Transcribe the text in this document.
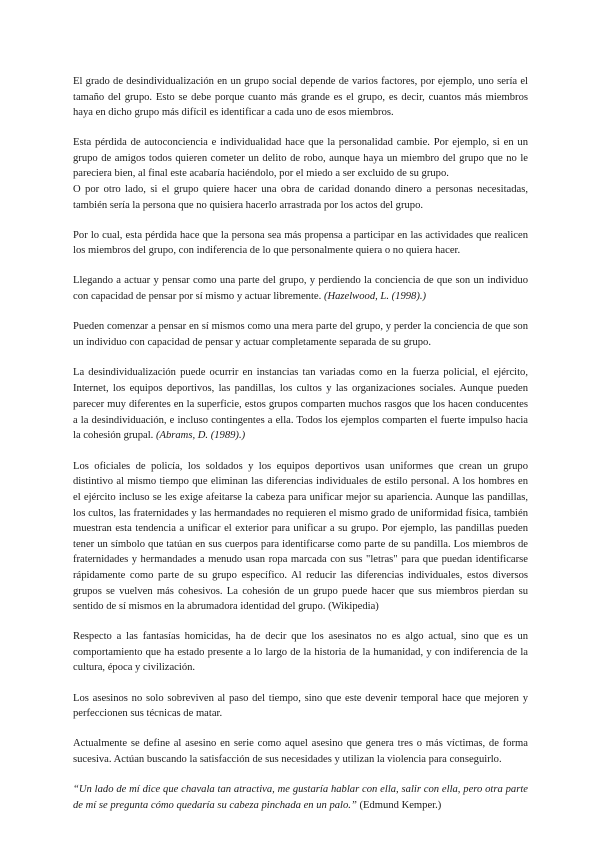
El grado de desindividualización en un grupo social depende de varios factores, por ejemplo, uno sería el tamaño del grupo. Esto se debe porque cuanto más grande es el grupo, es decir, cuantos más miembros haya en dicho grupo más difícil es identificar a cada uno de esos miembros.

Esta pérdida de autoconciencia e individualidad hace que la personalidad cambie. Por ejemplo, si en un grupo de amigos todos quieren cometer un delito de robo, aunque haya un miembro del grupo que no le pareciera bien, al final este acabaría haciéndolo, por el miedo a ser excluido de su grupo.
O por otro lado, si el grupo quiere hacer una obra de caridad donando dinero a personas necesitadas, también sería la persona que no quisiera hacerlo arrastrada por los actos del grupo.

Por lo cual, esta pérdida hace que la persona sea más propensa a participar en las actividades que realicen los miembros del grupo, con indiferencia de lo que personalmente quiera o no quiera hacer.

Llegando a actuar y pensar como una parte del grupo, y perdiendo la conciencia de que son un individuo con capacidad de pensar por sí mismo y actuar libremente. (Hazelwood, L. (1998).)

Pueden comenzar a pensar en sí mismos como una mera parte del grupo, y perder la conciencia de que son un individuo con capacidad de pensar y actuar completamente separada de su grupo.

La desindividualización puede ocurrir en instancias tan variadas como en la fuerza policial, el ejército, Internet, los equipos deportivos, las pandillas, los cultos y las organizaciones sociales. Aunque pueden parecer muy diferentes en la superficie, estos grupos comparten muchos rasgos que los hacen conducentes a la desindividuación, e incluso contingentes a ella. Todos los ejemplos comparten el fuerte impulso hacia la cohesión grupal. (Abrams, D. (1989).)

Los oficiales de policía, los soldados y los equipos deportivos usan uniformes que crean un grupo distintivo al mismo tiempo que eliminan las diferencias individuales de estilo personal. A los hombres en el ejército incluso se les exige afeitarse la cabeza para unificar mejor su apariencia. Aunque las pandillas, los cultos, las fraternidades y las hermandades no requieren el mismo grado de uniformidad física, también muestran esta tendencia a unificar el exterior para unificar a su grupo. Por ejemplo, las pandillas pueden tener un símbolo que tatúan en sus cuerpos para identificarse como parte de su pandilla. Los miembros de fraternidades y hermandades a menudo usan ropa marcada con sus "letras" para que puedan identificarse rápidamente como parte de su grupo específico. Al reducir las diferencias individuales, estos diversos grupos se vuelven más cohesivos. La cohesión de un grupo puede hacer que sus miembros pierdan su sentido de sí mismos en la abrumadora identidad del grupo. (Wikipedia)

Respecto a las fantasías homicidas, ha de decir que los asesinatos no es algo actual, sino que es un comportamiento que ha estado presente a lo largo de la historia de la humanidad, y con indiferencia de la cultura, época y civilización.

Los asesinos no solo sobreviven al paso del tiempo, sino que este devenir temporal hace que mejoren y perfeccionen sus técnicas de matar.

Actualmente se define al asesino en serie como aquel asesino que genera tres o más víctimas, de forma sucesiva. Actúan buscando la satisfacción de sus necesidades y utilizan la violencia para conseguirlo.

“Un lado de mí dice que chavala tan atractiva, me gustaría hablar con ella, salir con ella, pero otra parte de mí se pregunta cómo quedaría su cabeza pinchada en un palo.” (Edmund Kemper.)
